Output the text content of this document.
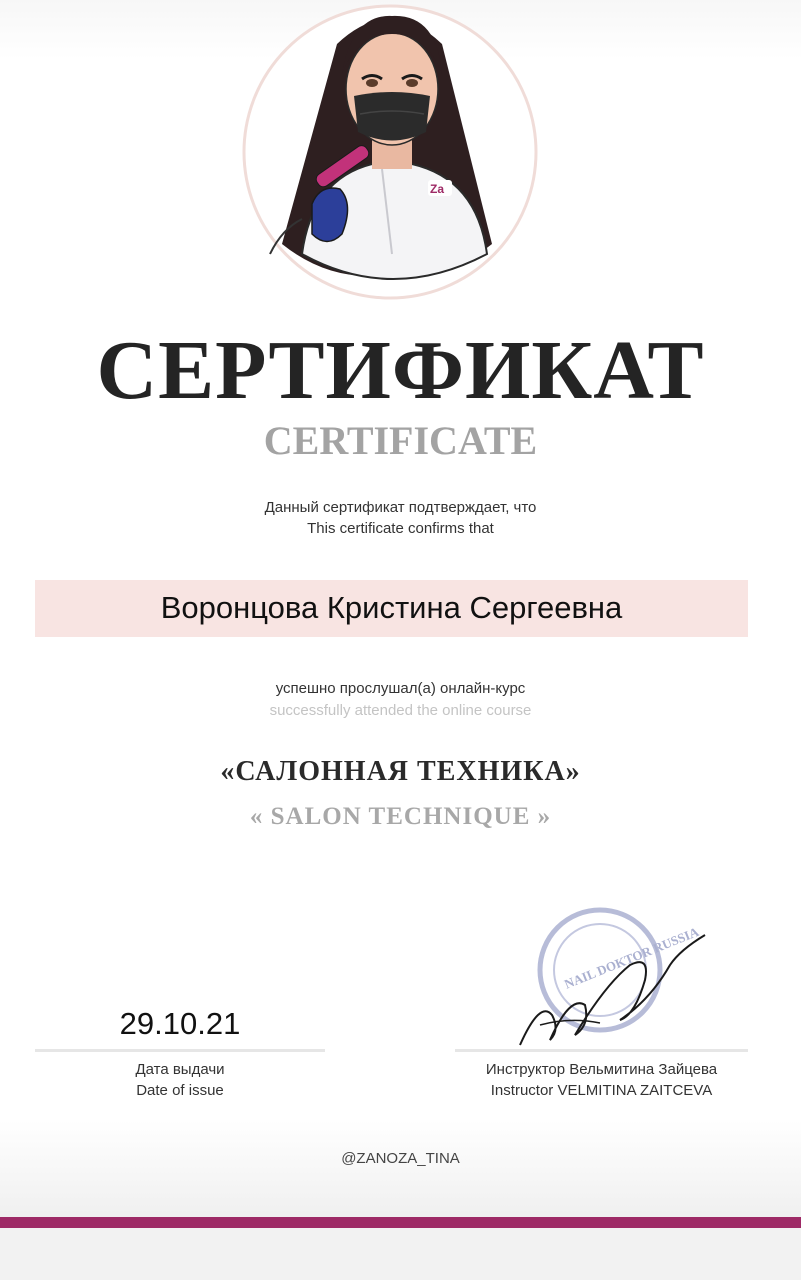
Za
СЕРТИФИКАТ
CERTIFICATE
Данный сертификат подтверждает, что
This certificate confirms that
Воронцова Кристина Сергеевна
успешно прослушал(а) онлайн-курс
successfully attended the online course
«САЛОННАЯ ТЕХНИКА»
« SALON TECHNIQUE »
NAIL DOKTOR RUSSIA
29.10.21
Дата выдачи
Date of issue
Инструктор Вельмитина Зайцева
Instructor VELMITINA ZAITCEVA
@ZANOZA_TINA
